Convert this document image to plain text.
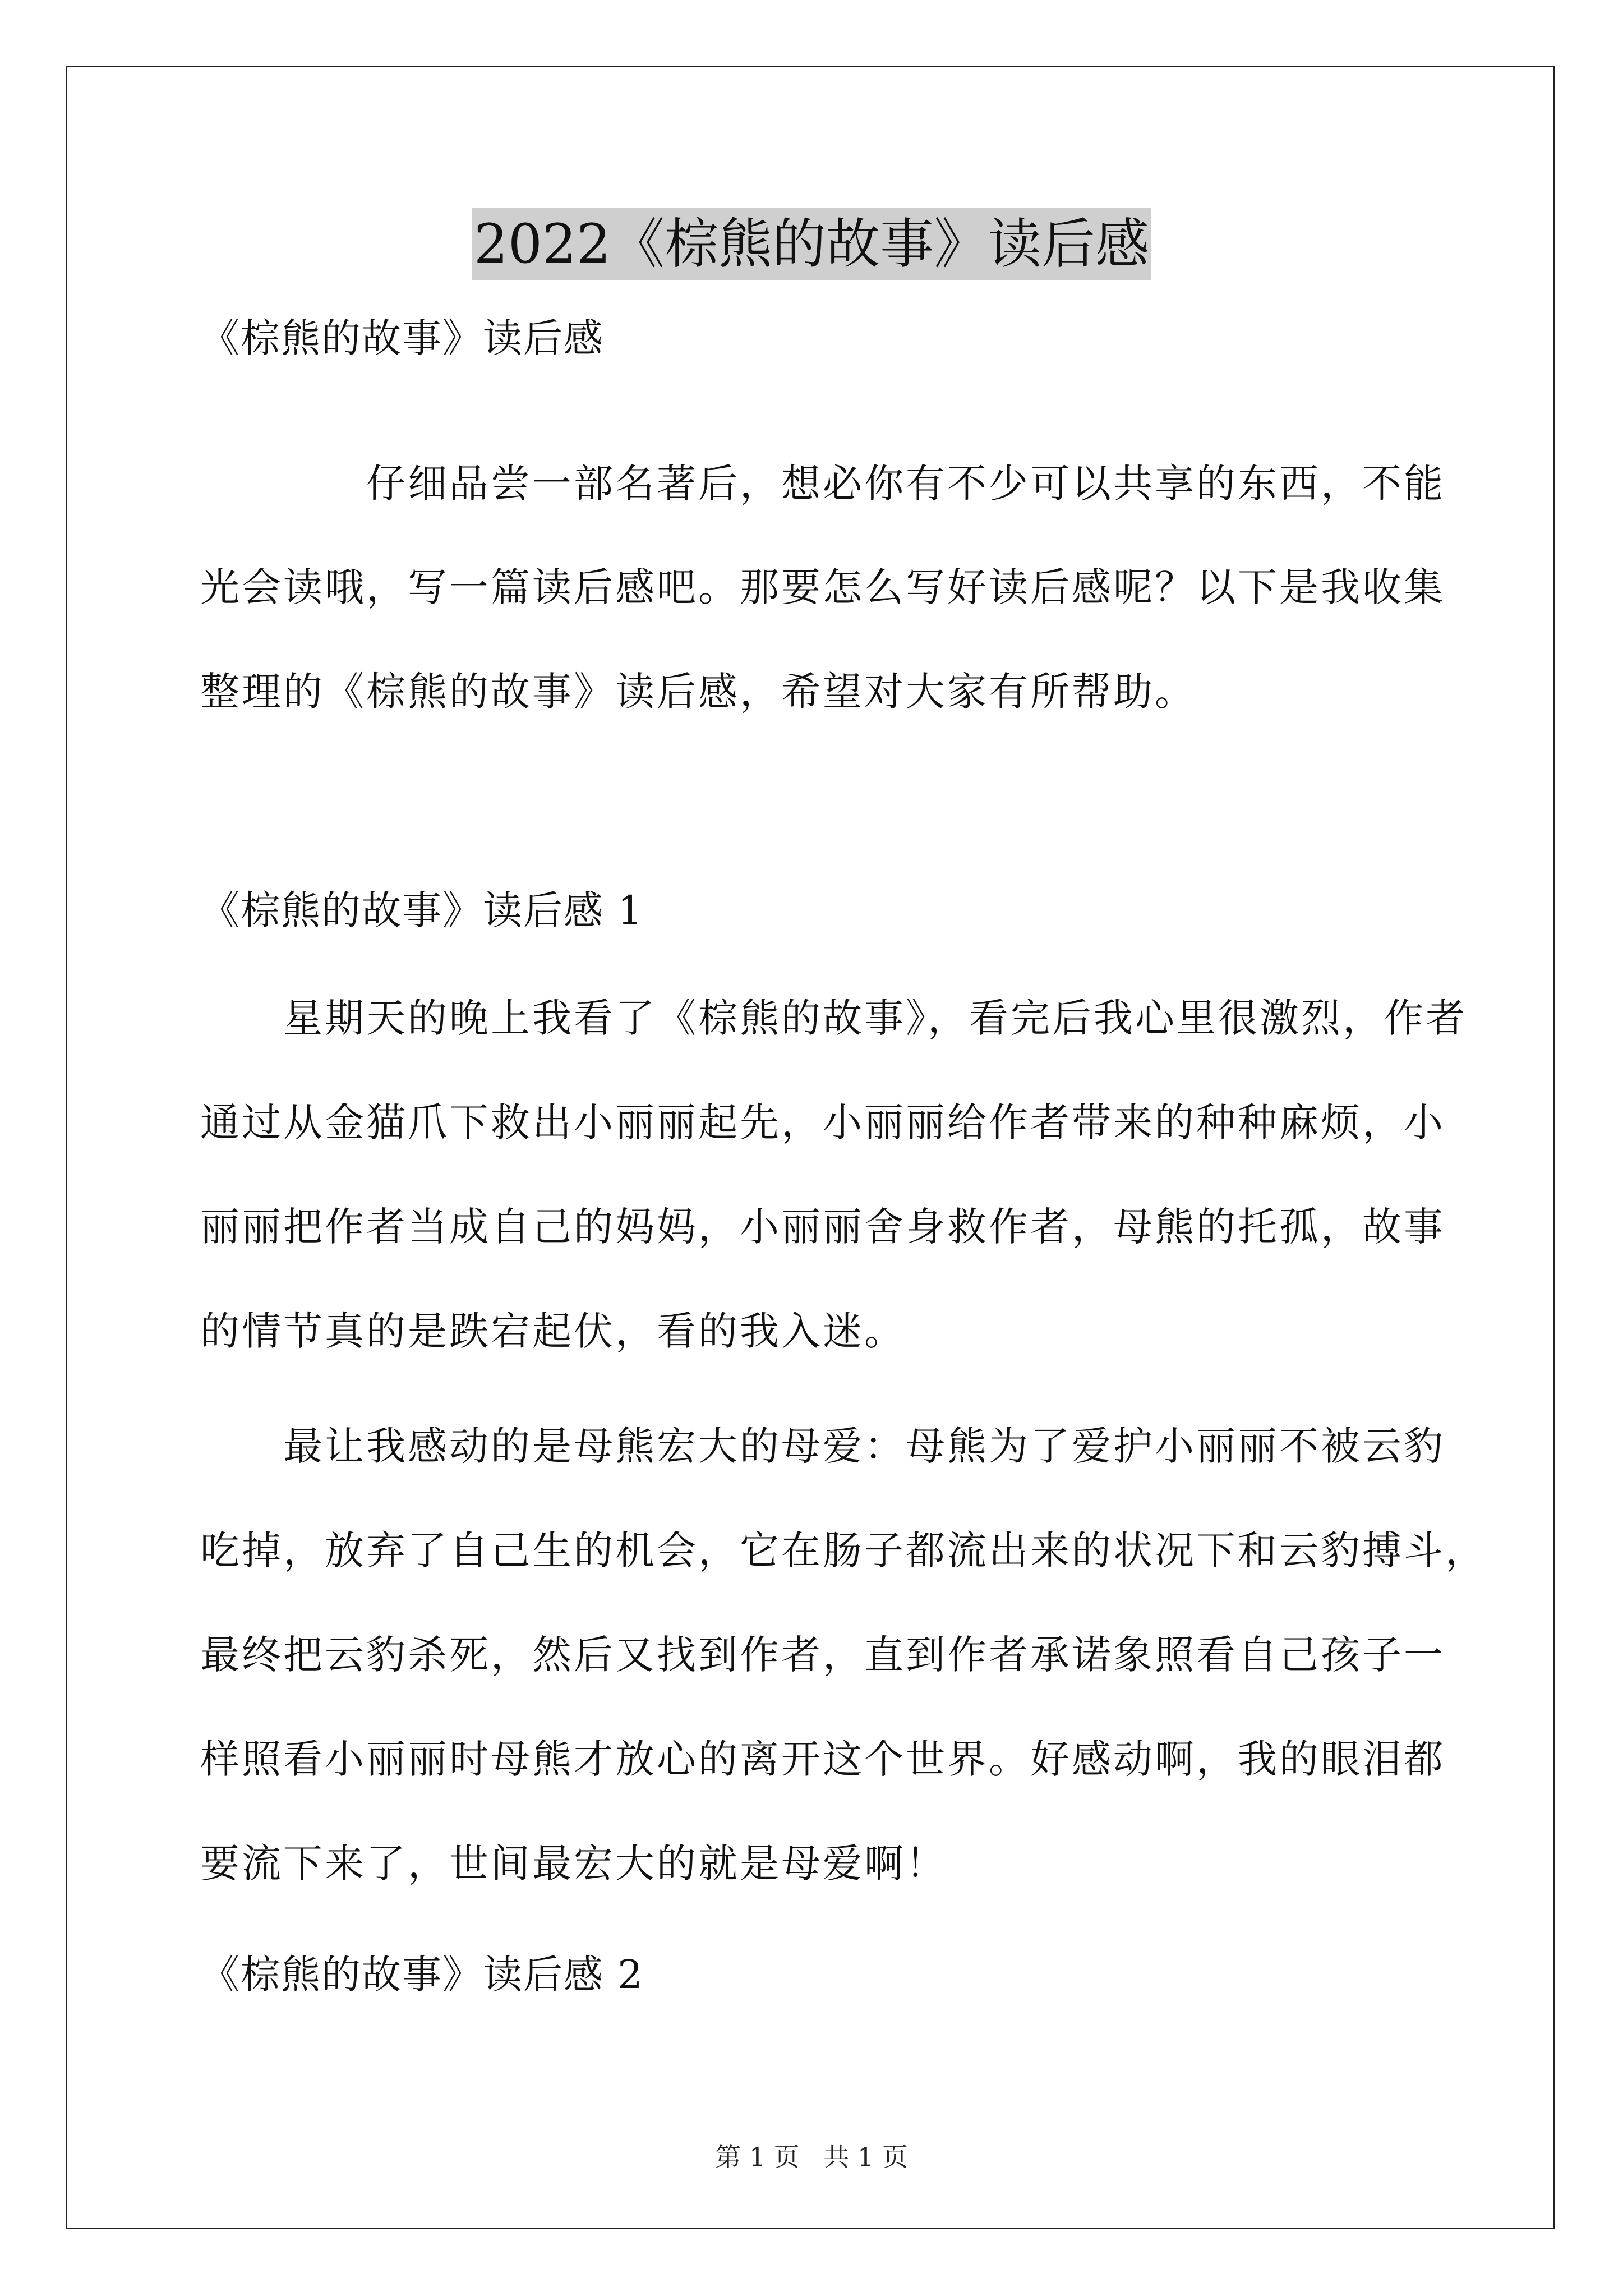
2022《棕熊的故事》读后感
《棕熊的故事》读后感
　　　　仔细品尝一部名著后，想必你有不少可以共享的东西，不能
光会读哦，写一篇读后感吧。那要怎么写好读后感呢？以下是我收集
整理的《棕熊的故事》读后感，希望对大家有所帮助。
《棕熊的故事》读后感 1
　　星期天的晚上我看了《棕熊的故事》，看完后我心里很激烈，作者
通过从金猫爪下救出小丽丽起先，小丽丽给作者带来的种种麻烦，小
丽丽把作者当成自己的妈妈，小丽丽舍身救作者，母熊的托孤，故事
的情节真的是跌宕起伏，看的我入迷。
　　最让我感动的是母熊宏大的母爱：母熊为了爱护小丽丽不被云豹
吃掉，放弃了自己生的机会，它在肠子都流出来的状况下和云豹搏斗，
最终把云豹杀死，然后又找到作者，直到作者承诺象照看自己孩子一
样照看小丽丽时母熊才放心的离开这个世界。好感动啊，我的眼泪都
要流下来了，世间最宏大的就是母爱啊！
《棕熊的故事》读后感 2
第 1 页 共 1 页
